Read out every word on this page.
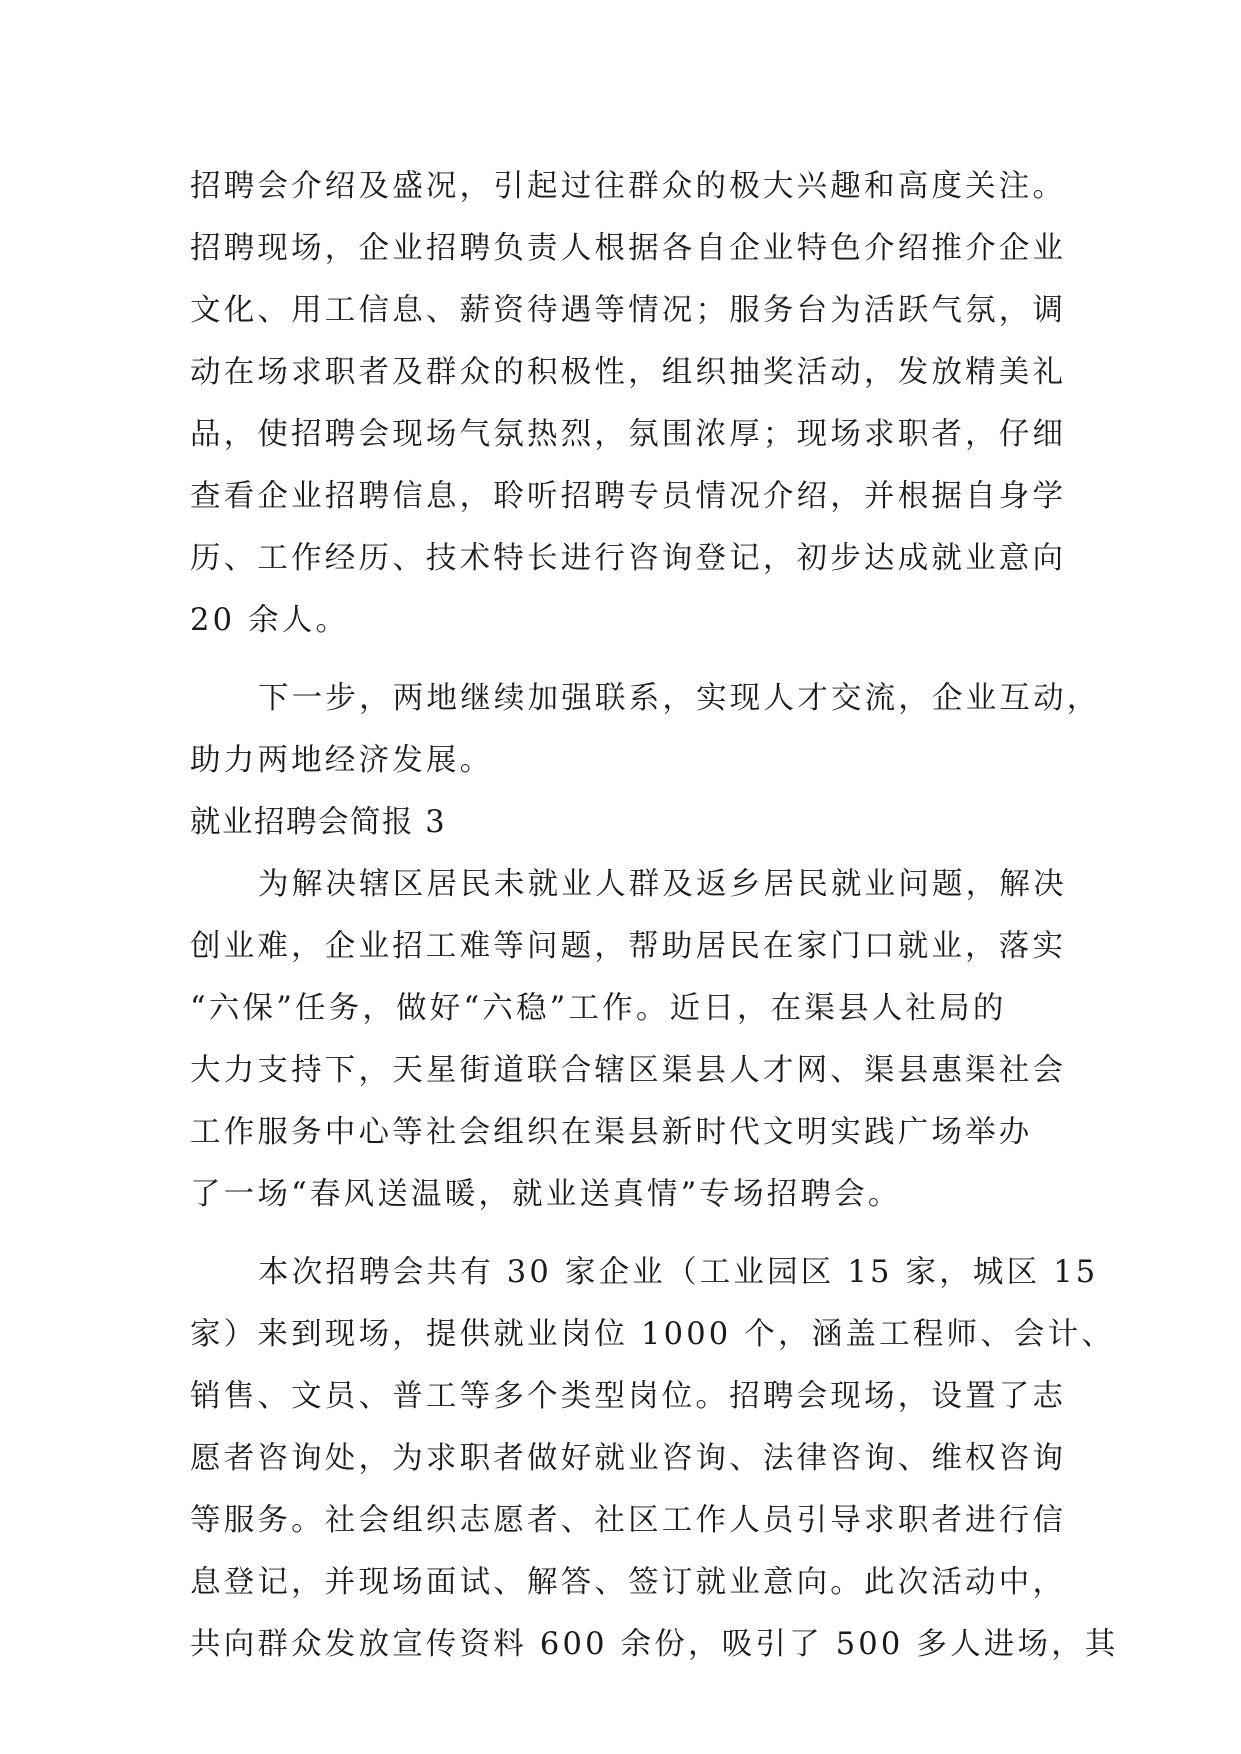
招聘会介绍及盛况，引起过往群众的极大兴趣和高度关注。
招聘现场，企业招聘负责人根据各自企业特色介绍推介企业
文化、用工信息、薪资待遇等情况；服务台为活跃气氛，调
动在场求职者及群众的积极性，组织抽奖活动，发放精美礼
品，使招聘会现场气氛热烈，氛围浓厚；现场求职者，仔细
查看企业招聘信息，聆听招聘专员情况介绍，并根据自身学
历、工作经历、技术特长进行咨询登记，初步达成就业意向
20 余人。
下一步，两地继续加强联系，实现人才交流，企业互动，
助力两地经济发展。
就业招聘会简报 3
为解决辖区居民未就业人群及返乡居民就业问题，解决
创业难，企业招工难等问题，帮助居民在家门口就业，落实
“六保”任务，做好“六稳”工作。近日，在渠县人社局的
大力支持下，天星街道联合辖区渠县人才网、渠县惠渠社会
工作服务中心等社会组织在渠县新时代文明实践广场举办
了一场“春风送温暖，就业送真情”专场招聘会。
本次招聘会共有 30 家企业（工业园区 15 家，城区 15
家）来到现场，提供就业岗位 1000 个，涵盖工程师、会计、
销售、文员、普工等多个类型岗位。招聘会现场，设置了志
愿者咨询处，为求职者做好就业咨询、法律咨询、维权咨询
等服务。社会组织志愿者、社区工作人员引导求职者进行信
息登记，并现场面试、解答、签订就业意向。此次活动中，
共向群众发放宣传资料 600 余份，吸引了 500 多人进场，其
